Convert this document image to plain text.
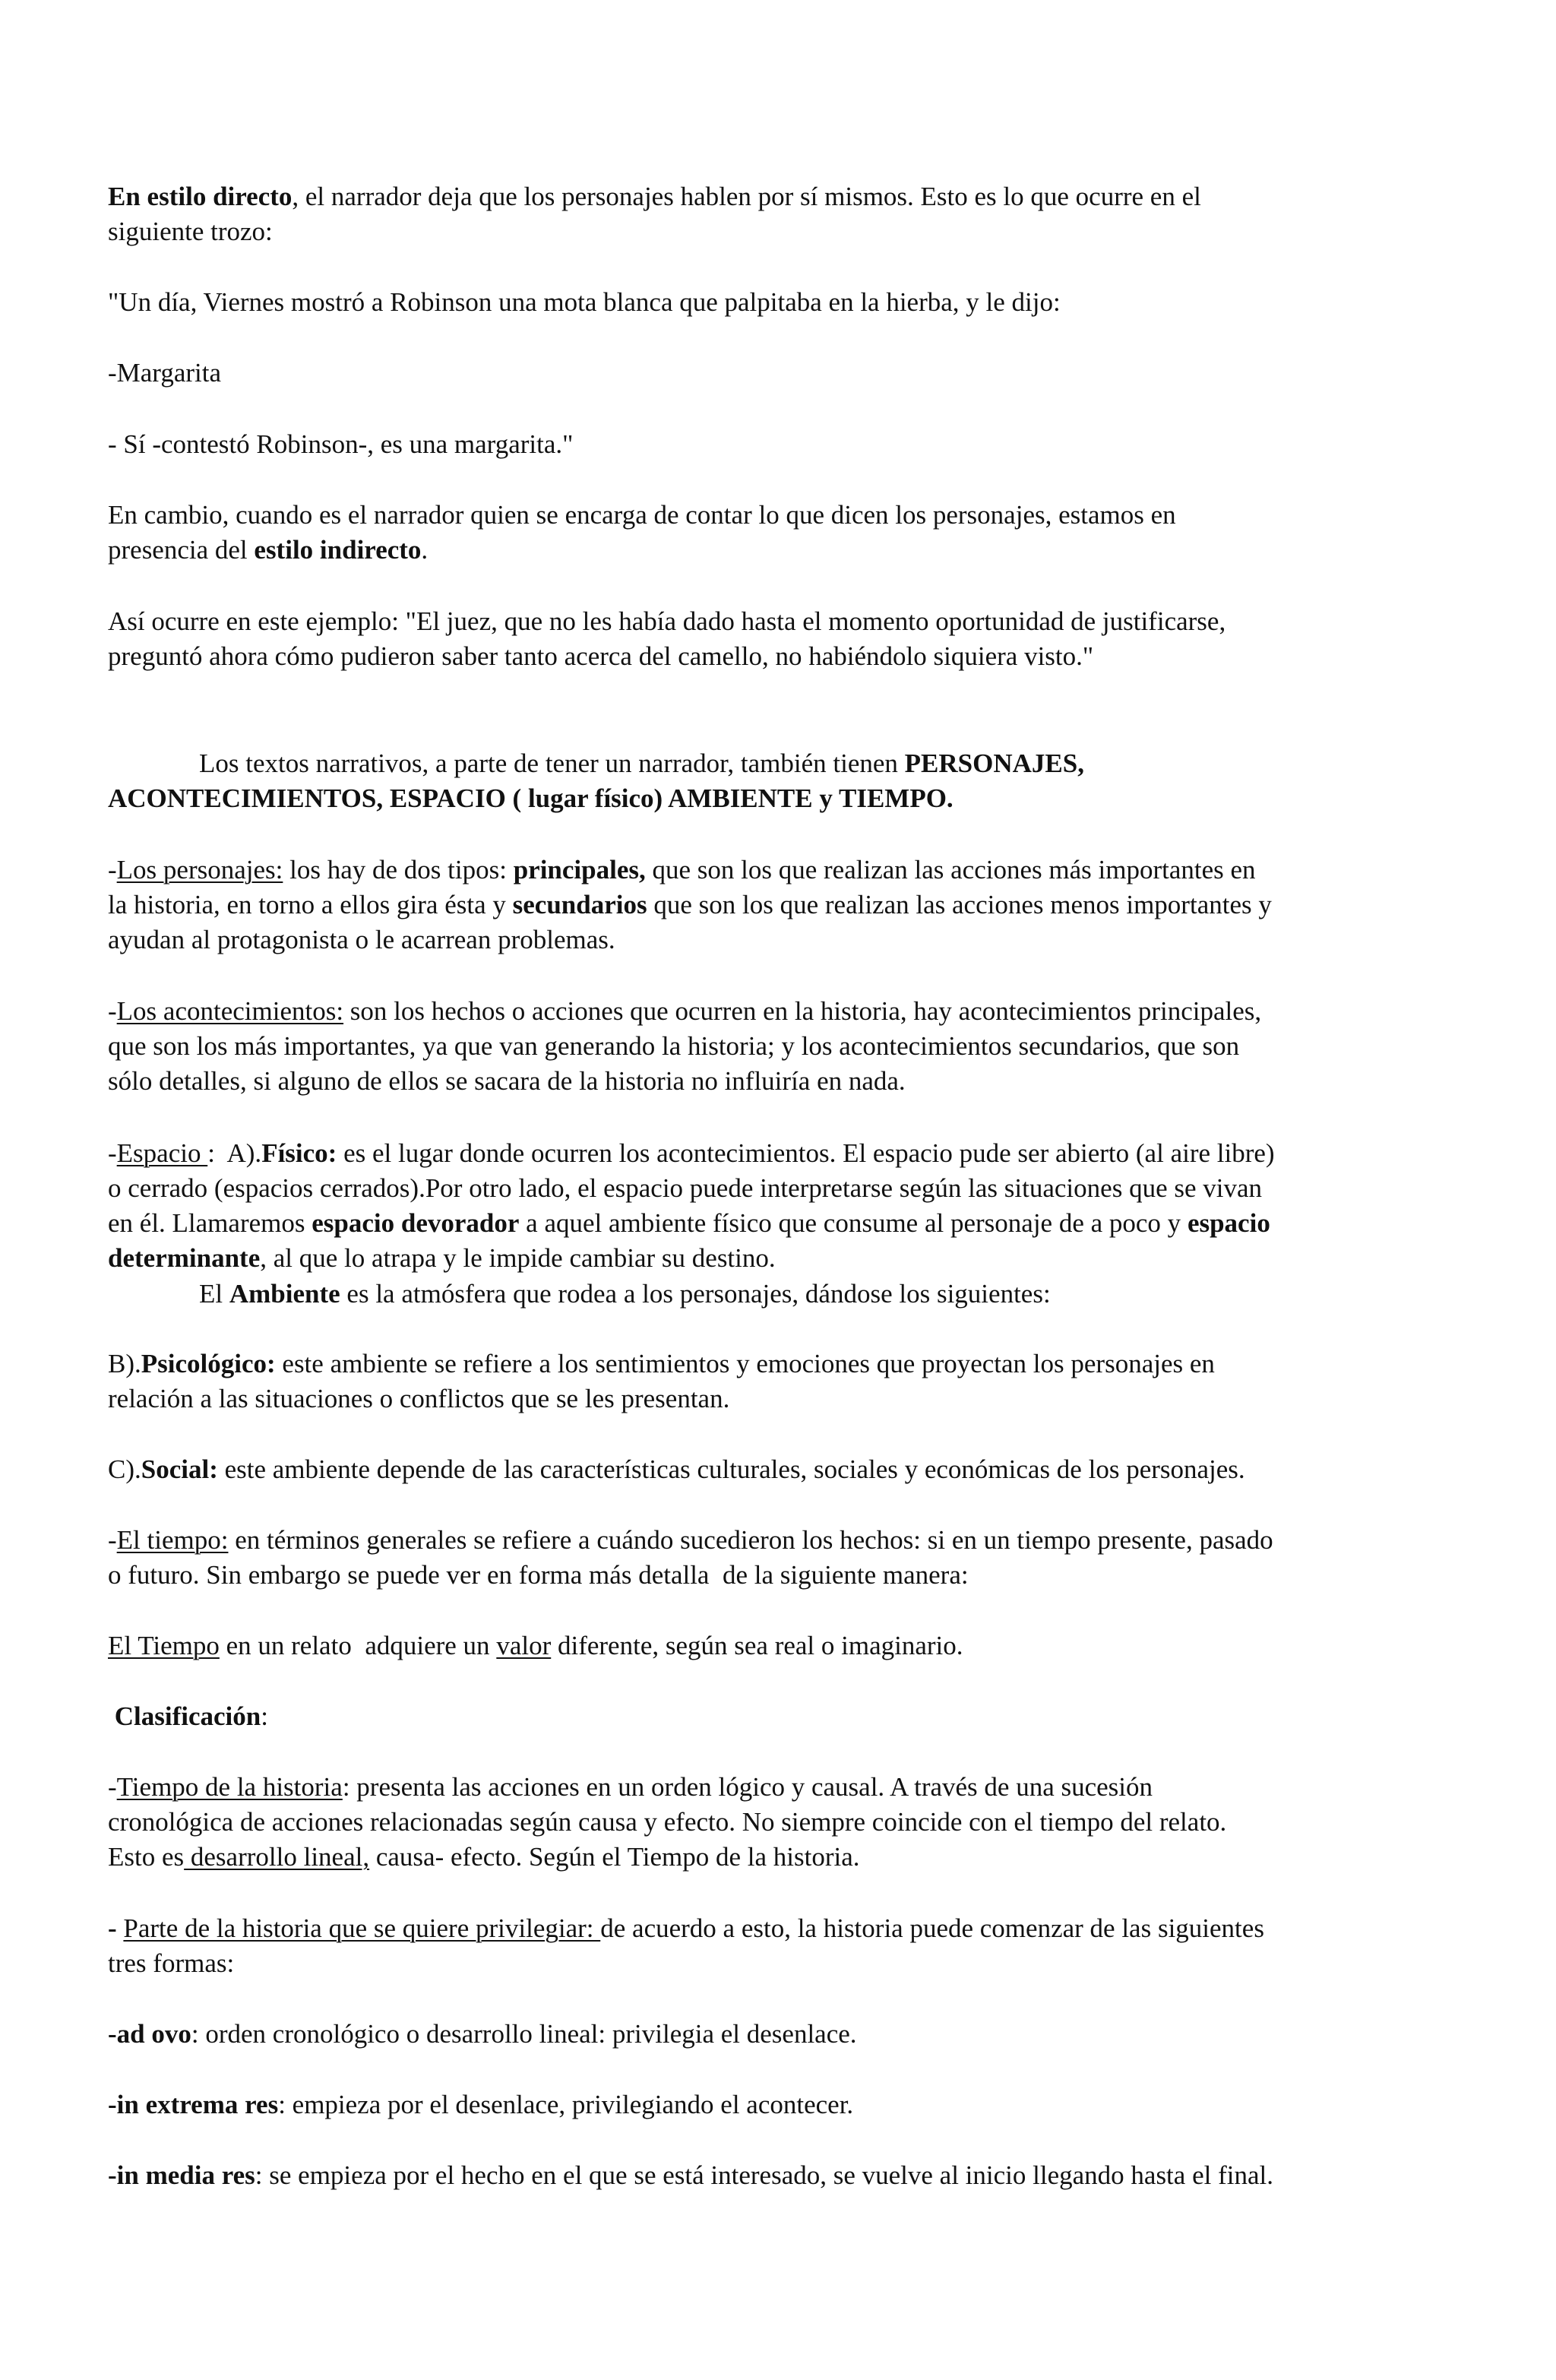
En estilo directo, el narrador deja que los personajes hablen por sí mismos. Esto es lo que ocurre en el
siguiente trozo:

"Un día, Viernes mostró a Robinson una mota blanca que palpitaba en la hierba, y le dijo:

-Margarita

- Sí -contestó Robinson-, es una margarita."

En cambio, cuando es el narrador quien se encarga de contar lo que dicen los personajes, estamos en
presencia del estilo indirecto.

Así ocurre en este ejemplo: "El juez, que no les había dado hasta el momento oportunidad de justificarse,
preguntó ahora cómo pudieron saber tanto acerca del camello, no habiéndolo siquiera visto."

Los textos narrativos, a parte de tener un narrador, también tienen PERSONAJES,
ACONTECIMIENTOS, ESPACIO ( lugar físico) AMBIENTE y TIEMPO.

-Los personajes: los hay de dos tipos: principales, que son los que realizan las acciones más importantes en
la historia, en torno a ellos gira ésta y secundarios que son los que realizan las acciones menos importantes y
ayudan al protagonista o le acarrean problemas.

-Los acontecimientos: son los hechos o acciones que ocurren en la historia, hay acontecimientos principales,
que son los más importantes, ya que van generando la historia; y los acontecimientos secundarios, que son
sólo detalles, si alguno de ellos se sacara de la historia no influiría en nada.

-Espacio :  A).Físico: es el lugar donde ocurren los acontecimientos. El espacio pude ser abierto (al aire libre)
o cerrado (espacios cerrados).Por otro lado, el espacio puede interpretarse según las situaciones que se vivan
en él. Llamaremos espacio devorador a aquel ambiente físico que consume al personaje de a poco y espacio
determinante, al que lo atrapa y le impide cambiar su destino.

El Ambiente es la atmósfera que rodea a los personajes, dándose los siguientes:

B).Psicológico: este ambiente se refiere a los sentimientos y emociones que proyectan los personajes en
relación a las situaciones o conflictos que se les presentan.

C).Social: este ambiente depende de las características culturales, sociales y económicas de los personajes.

-El tiempo: en términos generales se refiere a cuándo sucedieron los hechos: si en un tiempo presente, pasado
o futuro. Sin embargo se puede ver en forma más detalla  de la siguiente manera:

El Tiempo en un relato  adquiere un valor diferente, según sea real o imaginario.

Clasificación:

-Tiempo de la historia: presenta las acciones en un orden lógico y causal. A través de una sucesión
cronológica de acciones relacionadas según causa y efecto. No siempre coincide con el tiempo del relato.
Esto es desarrollo lineal, causa- efecto. Según el Tiempo de la historia.

- Parte de la historia que se quiere privilegiar: de acuerdo a esto, la historia puede comenzar de las siguientes
tres formas:

-ad ovo: orden cronológico o desarrollo lineal: privilegia el desenlace.

-in extrema res: empieza por el desenlace, privilegiando el acontecer.

-in media res: se empieza por el hecho en el que se está interesado, se vuelve al inicio llegando hasta el final.
